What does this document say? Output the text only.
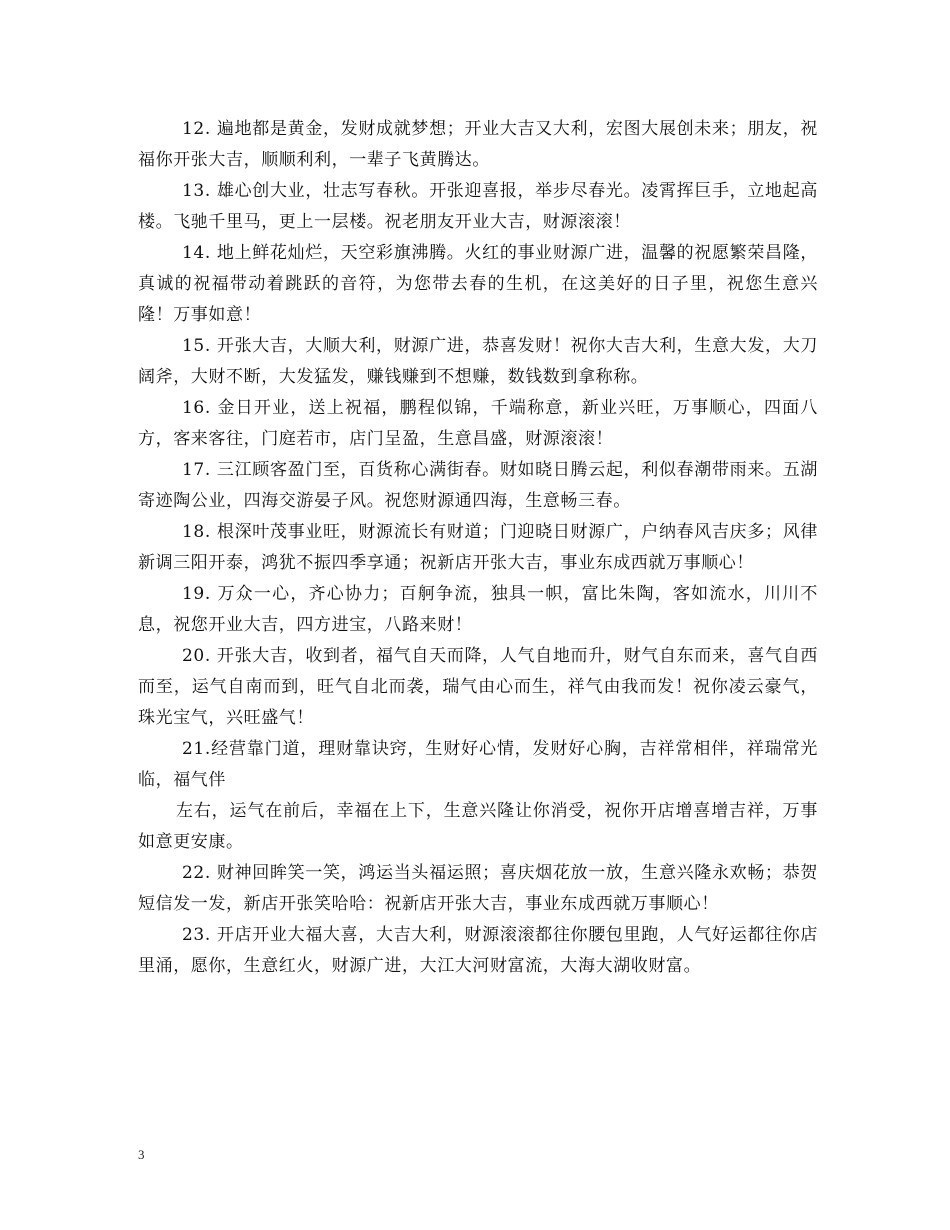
12. 遍地都是黄金，发财成就梦想；开业大吉又大利，宏图大展创未来；朋友，祝福你开张大吉，顺顺利利，一辈子飞黄腾达。

13. 雄心创大业，壮志写春秋。开张迎喜报，举步尽春光。凌霄挥巨手，立地起高楼。飞驰千里马，更上一层楼。祝老朋友开业大吉，财源滚滚！

14. 地上鲜花灿烂，天空彩旗沸腾。火红的事业财源广进，温馨的祝愿繁荣昌隆，真诚的祝福带动着跳跃的音符，为您带去春的生机，在这美好的日子里，祝您生意兴隆！万事如意！

15. 开张大吉，大顺大利，财源广进，恭喜发财！祝你大吉大利，生意大发，大刀阔斧，大财不断，大发猛发，赚钱赚到不想赚，数钱数到拿称称。

16. 金日开业，送上祝福，鹏程似锦，千端称意，新业兴旺，万事顺心，四面八方，客来客往，门庭若市，店门呈盈，生意昌盛，财源滚滚！

17. 三江顾客盈门至，百货称心满街春。财如晓日腾云起，利似春潮带雨来。五湖寄迹陶公业，四海交游晏子风。祝您财源通四海，生意畅三春。

18. 根深叶茂事业旺，财源流长有财道；门迎晓日财源广，户纳春风吉庆多；风律新调三阳开泰，鸿犹不振四季享通；祝新店开张大吉，事业东成西就万事顺心！

19. 万众一心，齐心协力；百舸争流，独具一帜，富比朱陶，客如流水，川川不息，祝您开业大吉，四方进宝，八路来财！

20. 开张大吉，收到者，福气自天而降，人气自地而升，财气自东而来，喜气自西而至，运气自南而到，旺气自北而袭，瑞气由心而生，祥气由我而发！祝你凌云豪气，珠光宝气，兴旺盛气！

21.经营靠门道，理财靠诀窍，生财好心情，发财好心胸，吉祥常相伴，祥瑞常光临，福气伴

左右，运气在前后，幸福在上下，生意兴隆让你消受，祝你开店增喜增吉祥，万事如意更安康。

22. 财神回眸笑一笑，鸿运当头福运照；喜庆烟花放一放，生意兴隆永欢畅；恭贺短信发一发，新店开张笑哈哈：祝新店开张大吉，事业东成西就万事顺心！

23. 开店开业大福大喜，大吉大利，财源滚滚都往你腰包里跑，人气好运都往你店里涌，愿你，生意红火，财源广进，大江大河财富流，大海大湖收财富。

3
